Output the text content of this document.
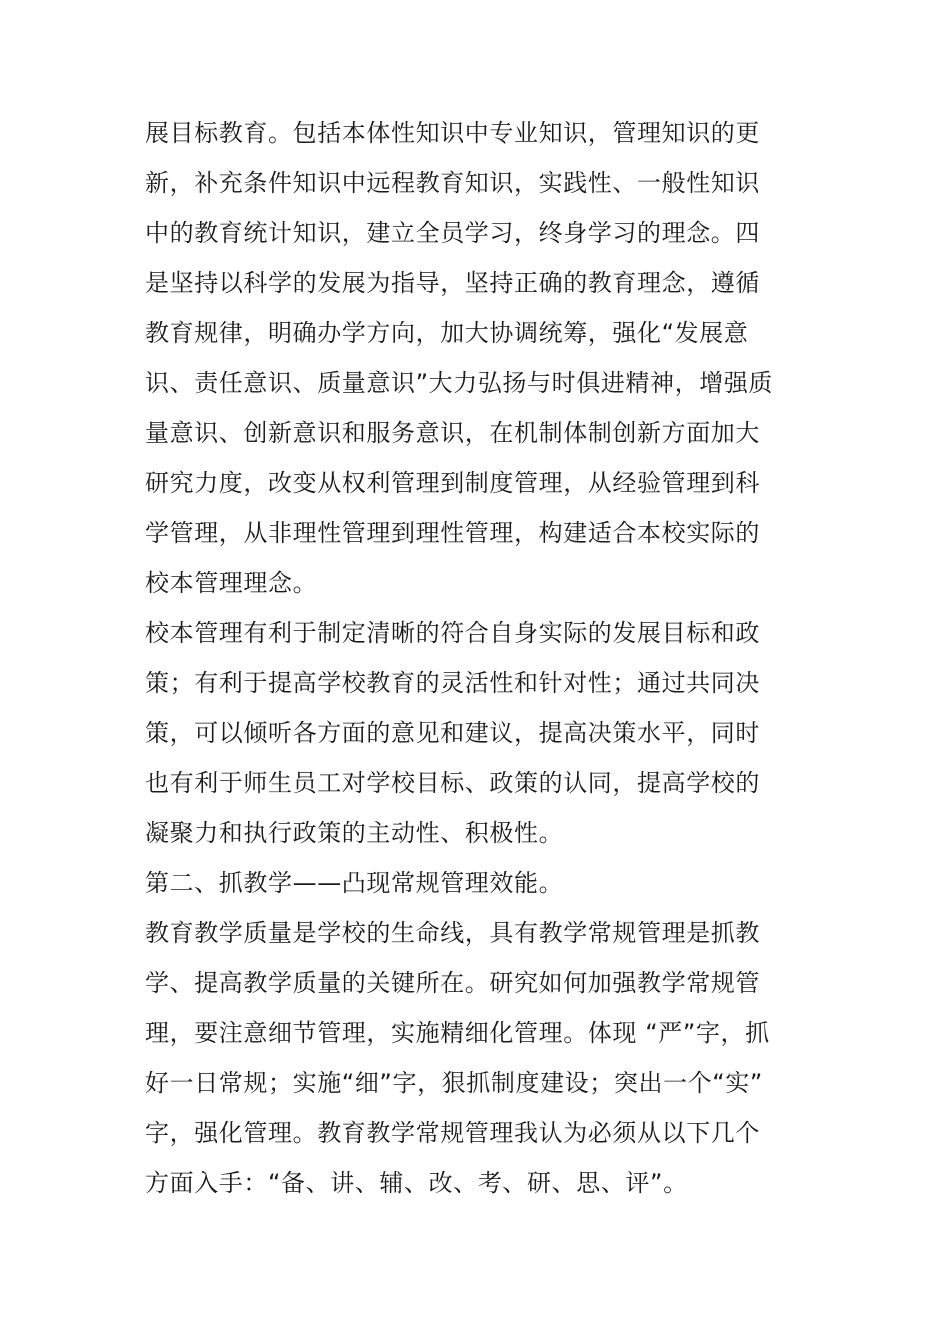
展目标教育。包括本体性知识中专业知识，管理知识的更
新，补充条件知识中远程教育知识，实践性、一般性知识
中的教育统计知识，建立全员学习，终身学习的理念。四
是坚持以科学的发展为指导，坚持正确的教育理念，遵循
教育规律，明确办学方向，加大协调统筹，强化“发展意
识、责任意识、质量意识”大力弘扬与时俱进精神，增强质
量意识、创新意识和服务意识，在机制体制创新方面加大
研究力度，改变从权利管理到制度管理，从经验管理到科
学管理，从非理性管理到理性管理，构建适合本校实际的
校本管理理念。
校本管理有利于制定清晰的符合自身实际的发展目标和政
策；有利于提高学校教育的灵活性和针对性；通过共同决
策，可以倾听各方面的意见和建议，提高决策水平，同时
也有利于师生员工对学校目标、政策的认同，提高学校的
凝聚力和执行政策的主动性、积极性。
第二、抓教学——凸现常规管理效能。
教育教学质量是学校的生命线，具有教学常规管理是抓教
学、提高教学质量的关键所在。研究如何加强教学常规管
理，要注意细节管理，实施精细化管理。体现 “严”字，抓
好一日常规；实施“细”字，狠抓制度建设；突出一个“实”
字，强化管理。教育教学常规管理我认为必须从以下几个
方面入手：“备、讲、辅、改、考、研、思、评”。
